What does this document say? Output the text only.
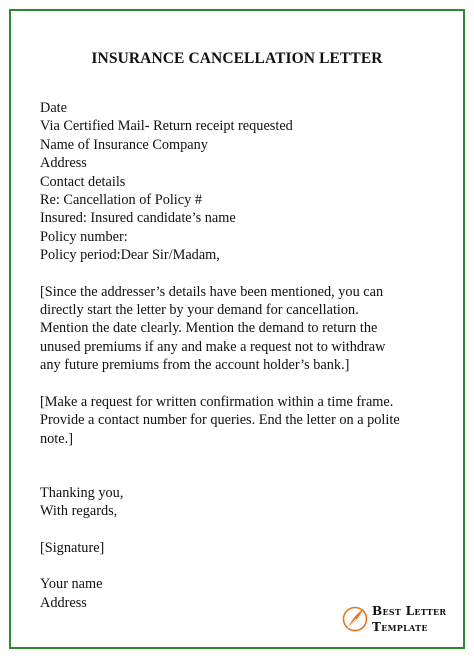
INSURANCE CANCELLATION LETTER
Date
Via Certified Mail- Return receipt requested
Name of Insurance Company
Address
Contact details
Re: Cancellation of Policy #
Insured: Insured candidate’s name
Policy number:
Policy period:Dear Sir/Madam,
[Since the addresser’s details have been mentioned, you can
directly start the letter by your demand for cancellation.
Mention the date clearly. Mention the demand to return the
unused premiums if any and make a request not to withdraw
any future premiums from the account holder’s bank.]
[Make a request for written confirmation within a time frame.
Provide a contact number for queries. End the letter on a polite
note.]
Thanking you,
With regards,
[Signature]
Your name
Address
Best Letter
Template
